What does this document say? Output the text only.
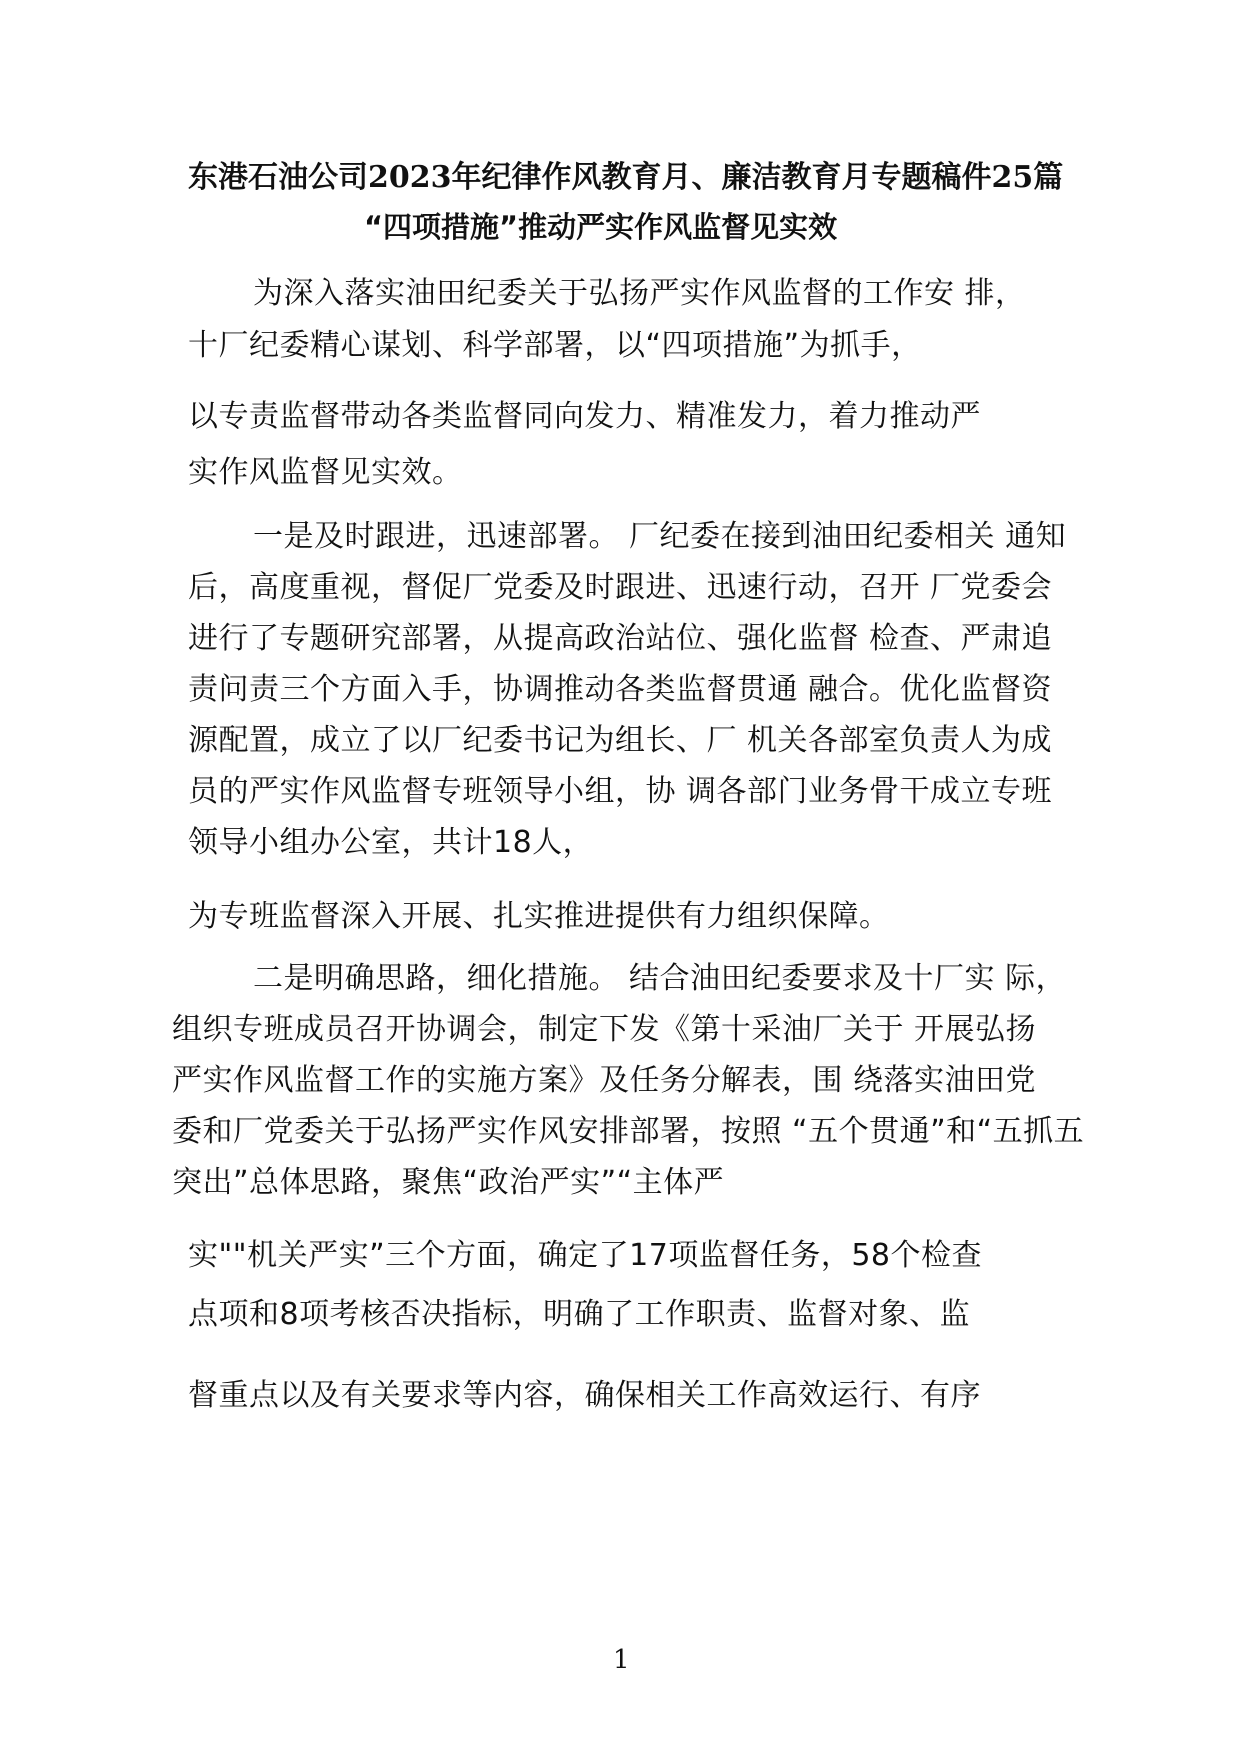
东港石油公司2023年纪律作风教育月、廉洁教育月专题稿件25篇
“四项措施”推动严实作风监督见实效

为深入落实油田纪委关于弘扬严实作风监督的工作安 排，

十厂纪委精心谋划、科学部署，以“四项措施”为抓手，

以专责监督带动各类监督同向发力、精准发力，着力推动严

实作风监督见实效。

一是及时跟进，迅速部署。 厂纪委在接到油田纪委相关 通知

后，高度重视，督促厂党委及时跟进、迅速行动，召开 厂党委会

进行了专题研究部署，从提高政治站位、强化监督 检查、严肃追

责问责三个方面入手，协调推动各类监督贯通 融合。优化监督资

源配置，成立了以厂纪委书记为组长、厂 机关各部室负责人为成

员的严实作风监督专班领导小组，协 调各部门业务骨干成立专班

领导小组办公室，共计18人，

为专班监督深入开展、扎实推进提供有力组织保障。

二是明确思路，细化措施。 结合油田纪委要求及十厂实 际，

组织专班成员召开协调会，制定下发《第十采油厂关于 开展弘扬

严实作风监督工作的实施方案》及任务分解表，围 绕落实油田党

委和厂党委关于弘扬严实作风安排部署，按照 “五个贯通”和“五抓五

突出”总体思路，聚焦“政治严实”“主体严

实""机关严实”三个方面，确定了17项监督任务，58个检查

点项和8项考核否决指标，明确了工作职责、监督对象、监

督重点以及有关要求等内容，确保相关工作高效运行、有序

1
